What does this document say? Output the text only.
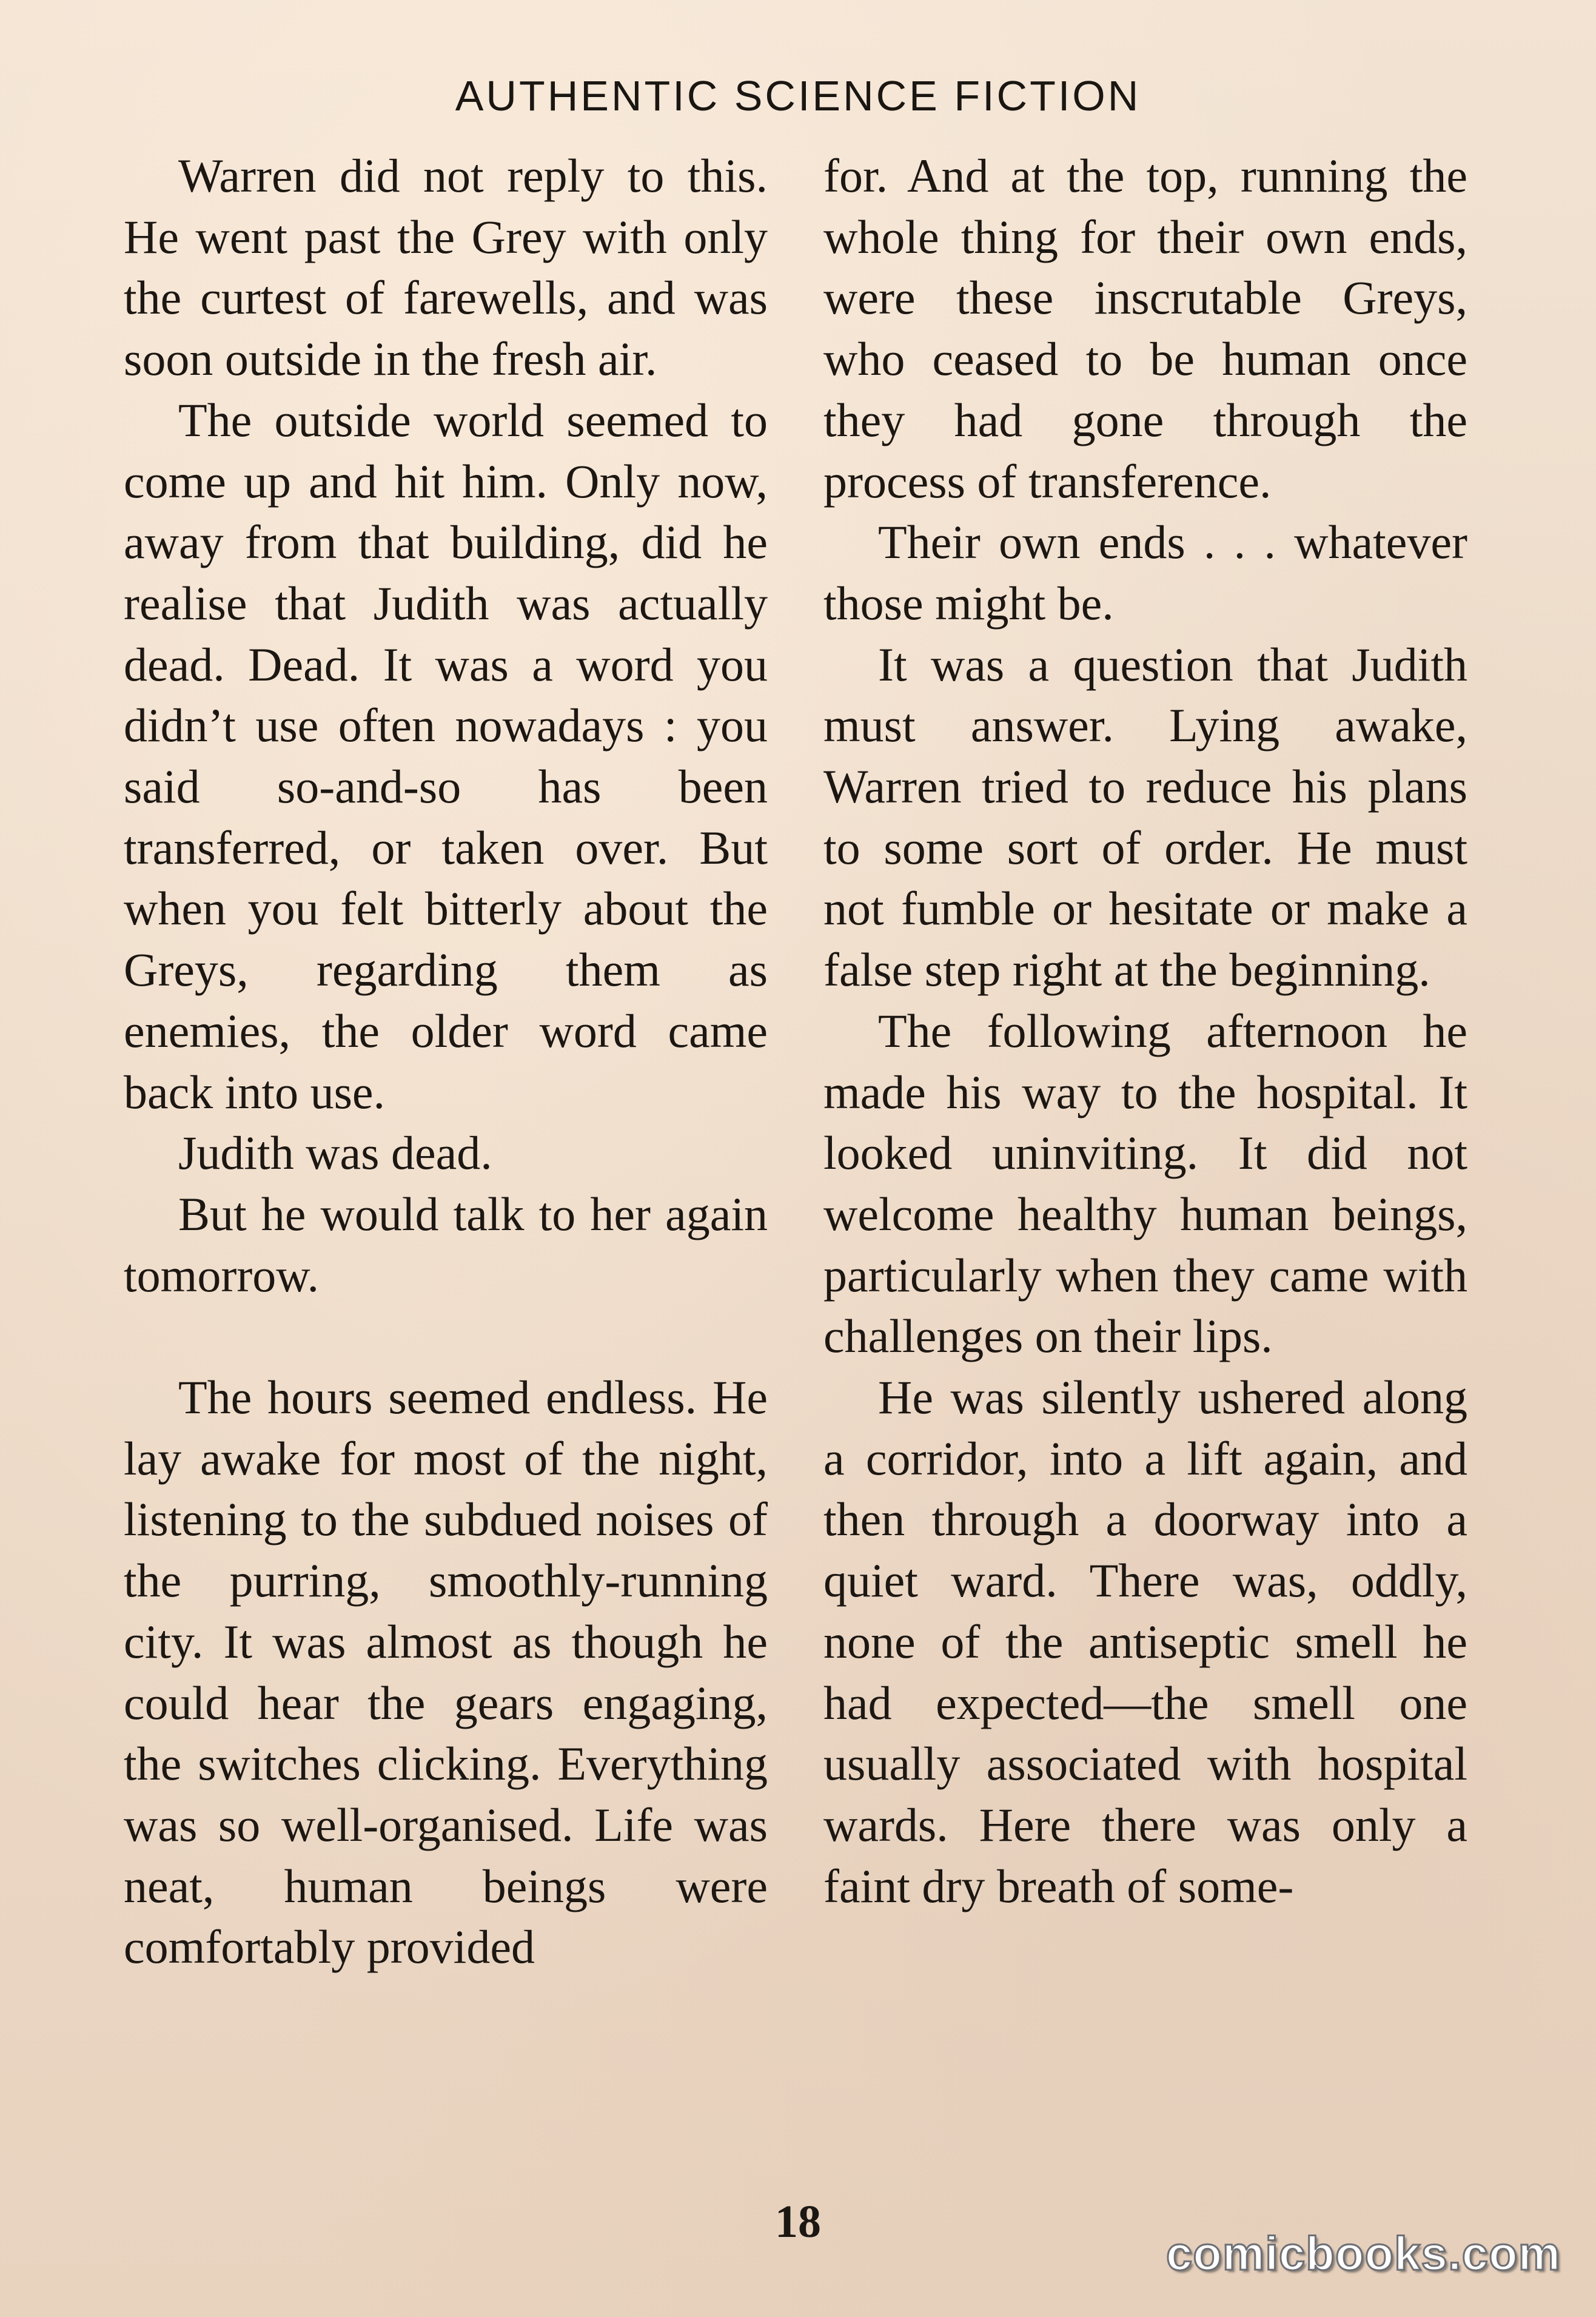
AUTHENTIC SCIENCE FICTION

Warren did not reply to this. He went past the Grey with only the curtest of farewells, and was soon outside in the fresh air.

The outside world seemed to come up and hit him. Only now, away from that building, did he realise that Judith was actually dead. Dead. It was a word you didn’t use often nowadays : you said so-and-so has been transferred, or taken over. But when you felt bitterly about the Greys, regarding them as enemies, the older word came back into use.

Judith was dead.

But he would talk to her again tomorrow.

The hours seemed endless. He lay awake for most of the night, listening to the subdued noises of the purring, smoothly-running city. It was almost as though he could hear the gears engaging, the switches clicking. Everything was so well-organised. Life was neat, human beings were comfortably provided

for. And at the top, running the whole thing for their own ends, were these inscrutable Greys, who ceased to be human once they had gone through the process of transference.

Their own ends . . . whatever those might be.

It was a question that Judith must answer. Lying awake, Warren tried to reduce his plans to some sort of order. He must not fumble or hesitate or make a false step right at the beginning.

The following afternoon he made his way to the hospital. It looked uninviting. It did not welcome healthy human beings, particularly when they came with challenges on their lips.

He was silently ushered along a corridor, into a lift again, and then through a doorway into a quiet ward. There was, oddly, none of the antiseptic smell he had expected—the smell one usually associated with hospital wards. Here there was only a faint dry breath of some-

18
comicbooks.com
